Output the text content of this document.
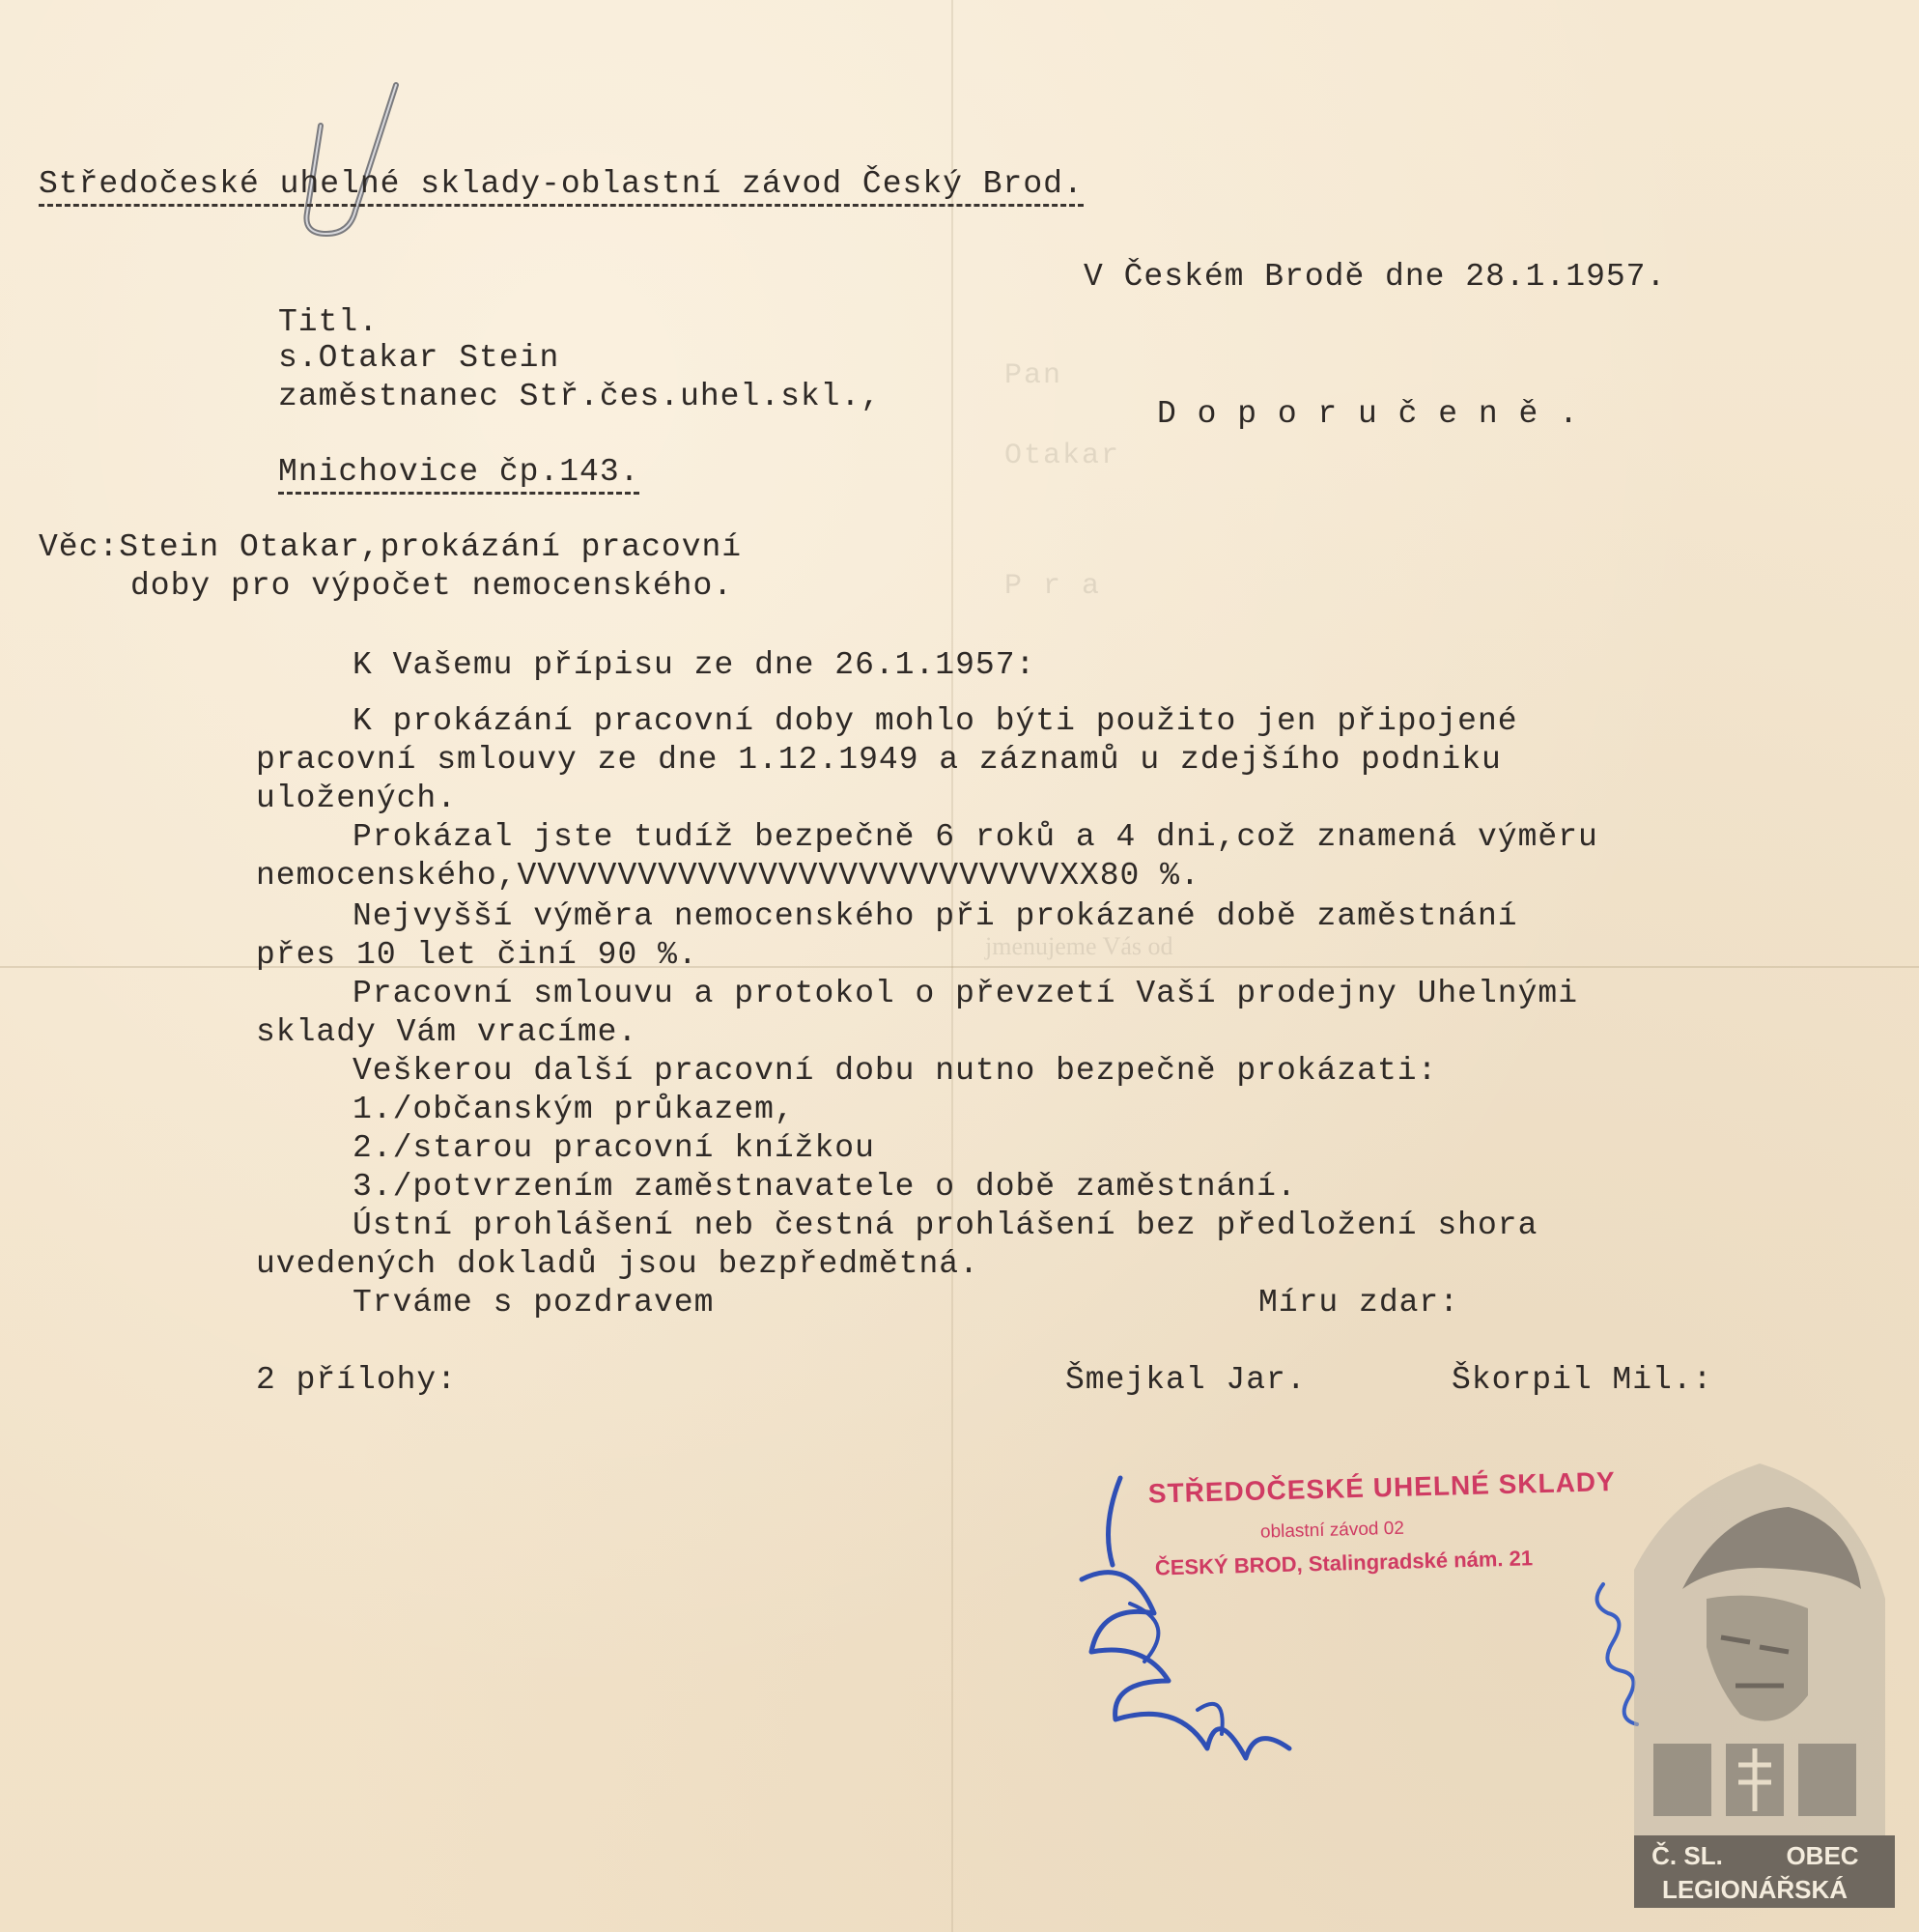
Pan
Otakar
P r a
jmenujeme Vás od
Středočeské uhelné sklady-oblastní závod Český Brod.
V Českém Brodě dne 28.1.1957.
Titl.
s.Otakar Stein
zaměstnanec Stř.čes.uhel.skl.,	D o p o r u č e n ě .
Mnichovice čp.143.
Věc:Stein Otakar,prokázání pracovní
doby pro výpočet nemocenského.
K Vašemu přípisu ze dne 26.1.1957:
K prokázání pracovní doby mohlo býti použito jen připojené
pracovní smlouvy ze dne 1.12.1949 a záznamů u zdejšího podniku
uložených.
Prokázal jste tudíž bezpečně 6 roků a 4 dni,což znamená výměru
nemocenského,VVVVVVVVVVVVVVVVVVVVVVVVVVVXX80 %.
Nejvyšší výměra nemocenského při prokázané době zaměstnání
přes 10 let činí 90 %.
Pracovní smlouvu a protokol o převzetí Vaší prodejny Uhelnými
sklady Vám vracíme.
Veškerou další pracovní dobu nutno bezpečně prokázati:
1./občanským průkazem,
2./starou pracovní knížkou
3./potvrzením zaměstnavatele o době zaměstnání.
Ústní prohlášení neb čestná prohlášení bez předložení shora
uvedených dokladů jsou bezpředmětná.
Trváme s pozdravem	Míru zdar:
2 přílohy:	Šmejkal Jar.	Škorpil Mil.:
STŘEDOČESKÉ UHELNÉ SKLADY
oblastní závod 02
ČESKÝ BROD, Stalingradské nám. 21
Č. SL.	OBEC
LEGIONÁŘSKÁ
